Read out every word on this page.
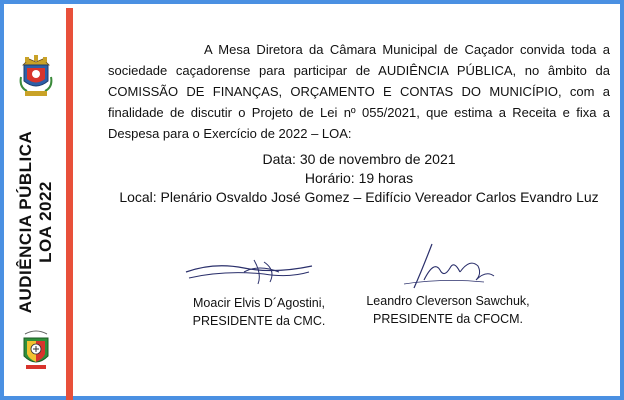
AUDIÊNCIA PÚBLICA LOA 2022
A Mesa Diretora da Câmara Municipal de Caçador convida toda a sociedade caçadorense para participar de AUDIÊNCIA PÚBLICA, no âmbito da COMISSÃO DE FINANÇAS, ORÇAMENTO E CONTAS DO MUNICÍPIO, com a finalidade de discutir o Projeto de Lei nº 055/2021, que estima a Receita e fixa a Despesa para o Exercício de 2022 – LOA:
Data: 30 de novembro de 2021
Horário: 19 horas
Local: Plenário Osvaldo José Gomez – Edifício Vereador Carlos Evandro Luz
Moacir Elvis D´Agostini,
PRESIDENTE da CMC.
Leandro Cleverson Sawchuk,
PRESIDENTE da CFOCM.
